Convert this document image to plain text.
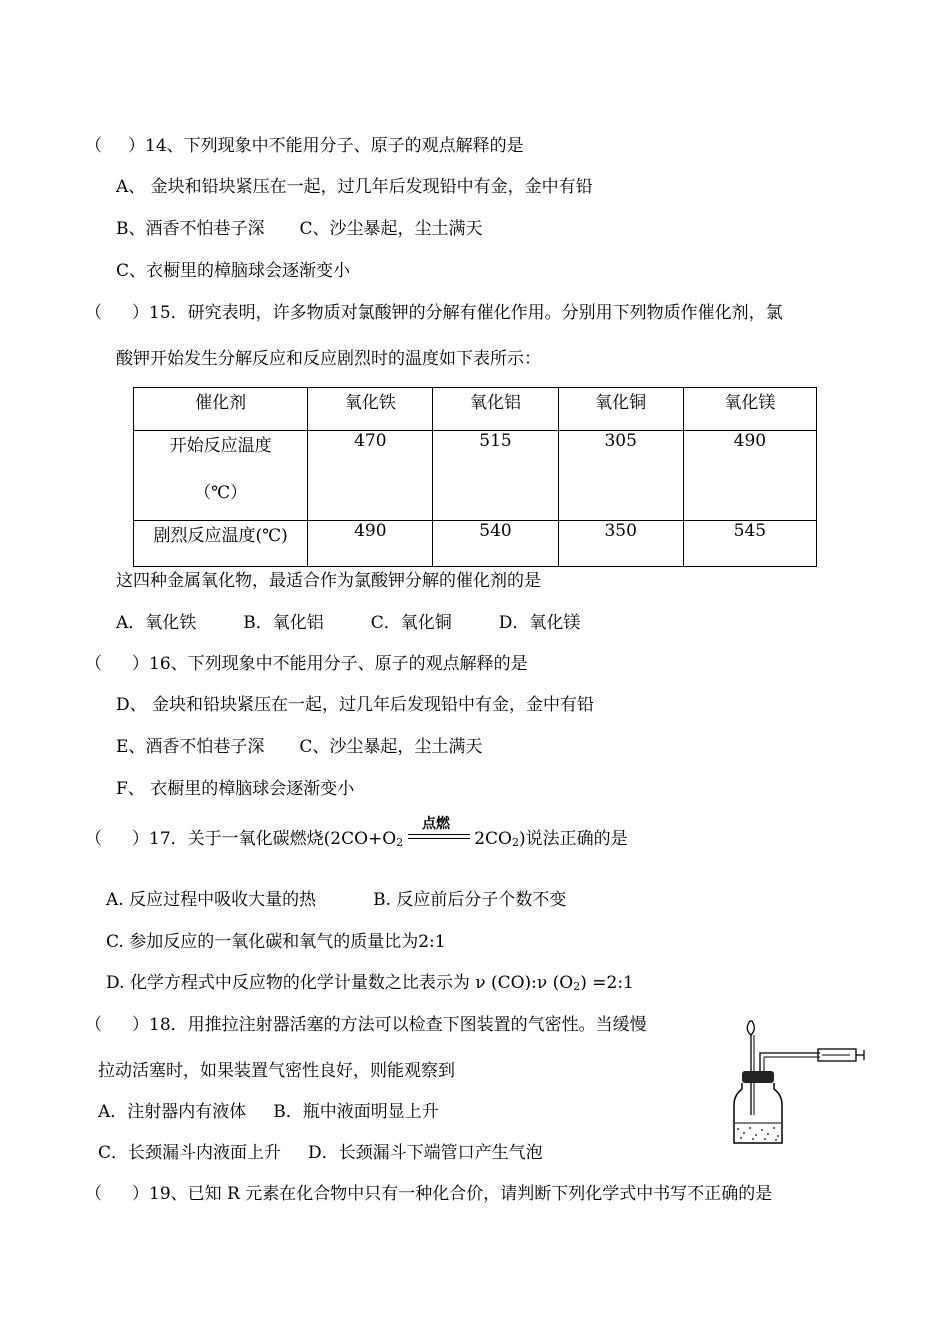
（ ）14、下列现象中不能用分子、原子的观点解释的是
A、 金块和铅块紧压在一起，过几年后发现铅中有金，金中有铅
B、酒香不怕巷子深 C、沙尘暴起，尘土满天
C、衣橱里的樟脑球会逐渐变小
（ ）15．研究表明，许多物质对氯酸钾的分解有催化作用。分别用下列物质作催化剂，氯
酸钾开始发生分解反应和反应剧烈时的温度如下表所示：
催化剂	氧化铁	氧化铝	氧化铜	氧化镁

开始反应温度
（℃）	470	515	305	490
剧烈反应温度(℃)	490	540	350	545
这四种金属氧化物，最适合作为氯酸钾分解的催化剂的是
A．氧化铁	B．氧化铝	C．氧化铜	D．氧化镁
（ ）16、下列现象中不能用分子、原子的观点解释的是
D、 金块和铅块紧压在一起，过几年后发现铅中有金，金中有铅
E、酒香不怕巷子深 C、沙尘暴起，尘土满天
F、 衣橱里的樟脑球会逐渐变小
（ ）17．关于一氧化碳燃烧(2CO+O2	2CO2)说法正确的是
点燃
A. 反应过程中吸收大量的热	B. 反应前后分子个数不变
C. 参加反应的一氧化碳和氧气的质量比为2:1
D. 化学方程式中反应物的化学计量数之比表示为 ν (CO):ν (O2) =2:1
（ ）18．用推拉注射器活塞的方法可以检查下图装置的气密性。当缓慢
拉动活塞时，如果装置气密性良好，则能观察到
A．注射器内有液体 B．瓶中液面明显上升
C．长颈漏斗内液面上升 D．长颈漏斗下端管口产生气泡
（ ）19、已知 R 元素在化合物中只有一种化合价，请判断下列化学式中书写不正确的是
